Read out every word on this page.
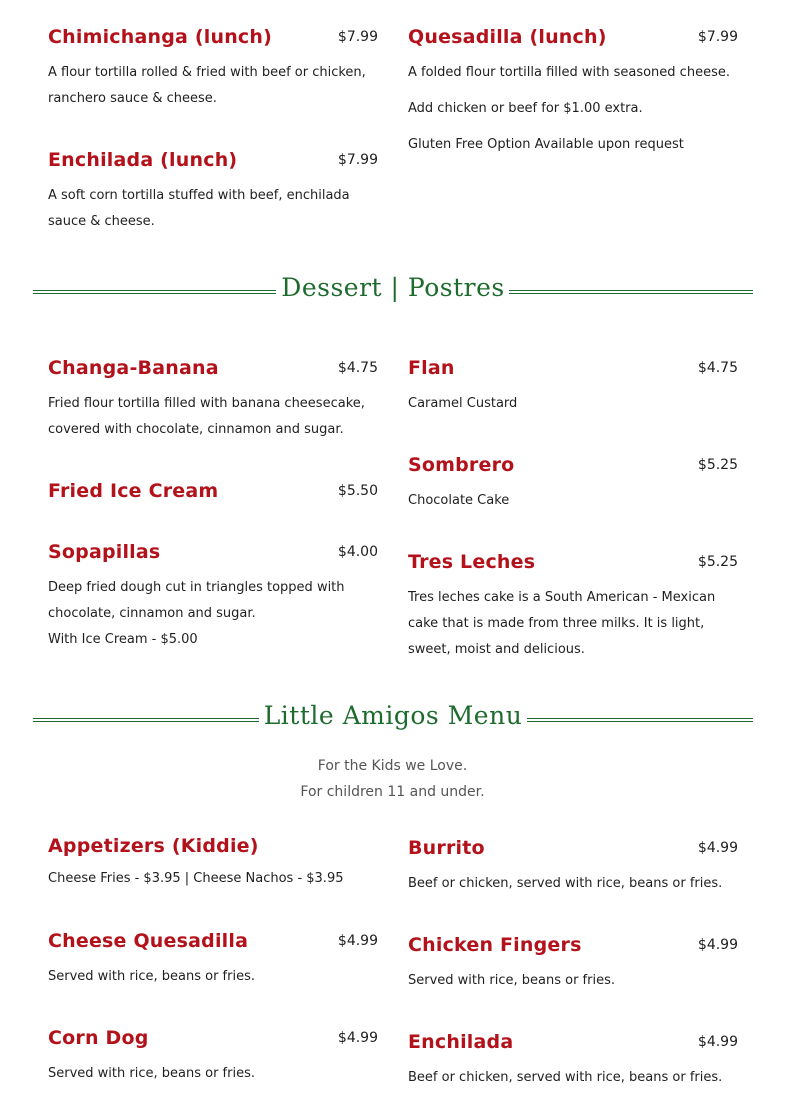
Chimichanga (lunch)	$7.99

A flour tortilla rolled & fried with beef or chicken, ranchero sauce & cheese.

Enchilada (lunch)	$7.99

A soft corn tortilla stuffed with beef, enchilada sauce & cheese.

Quesadilla (lunch)	$7.99

A folded flour tortilla filled with seasoned cheese.

Add chicken or beef for $1.00 extra.

Gluten Free Option Available upon request

Dessert | Postres
Changa-Banana	$4.75

Fried flour tortilla filled with banana cheesecake, covered with chocolate, cinnamon and sugar.

Fried Ice Cream	$5.50
Sopapillas	$4.00

Deep fried dough cut in triangles topped with chocolate, cinnamon and sugar.

With Ice Cream - $5.00

Flan	$4.75

Caramel Custard

Sombrero	$5.25

Chocolate Cake

Tres Leches	$5.25

Tres leches cake is a South American - Mexican cake that is made from three milks. It is light, sweet, moist and delicious.

Little Amigos Menu
For the Kids we Love.
For children 11 and under.
Appetizers (Kiddie)

Cheese Fries - $3.95 | Cheese Nachos - $3.95

Cheese Quesadilla	$4.99

Served with rice, beans or fries.

Corn Dog	$4.99

Served with rice, beans or fries.

Burrito	$4.99

Beef or chicken, served with rice, beans or fries.

Chicken Fingers	$4.99

Served with rice, beans or fries.

Enchilada	$4.99

Beef or chicken, served with rice, beans or fries.
